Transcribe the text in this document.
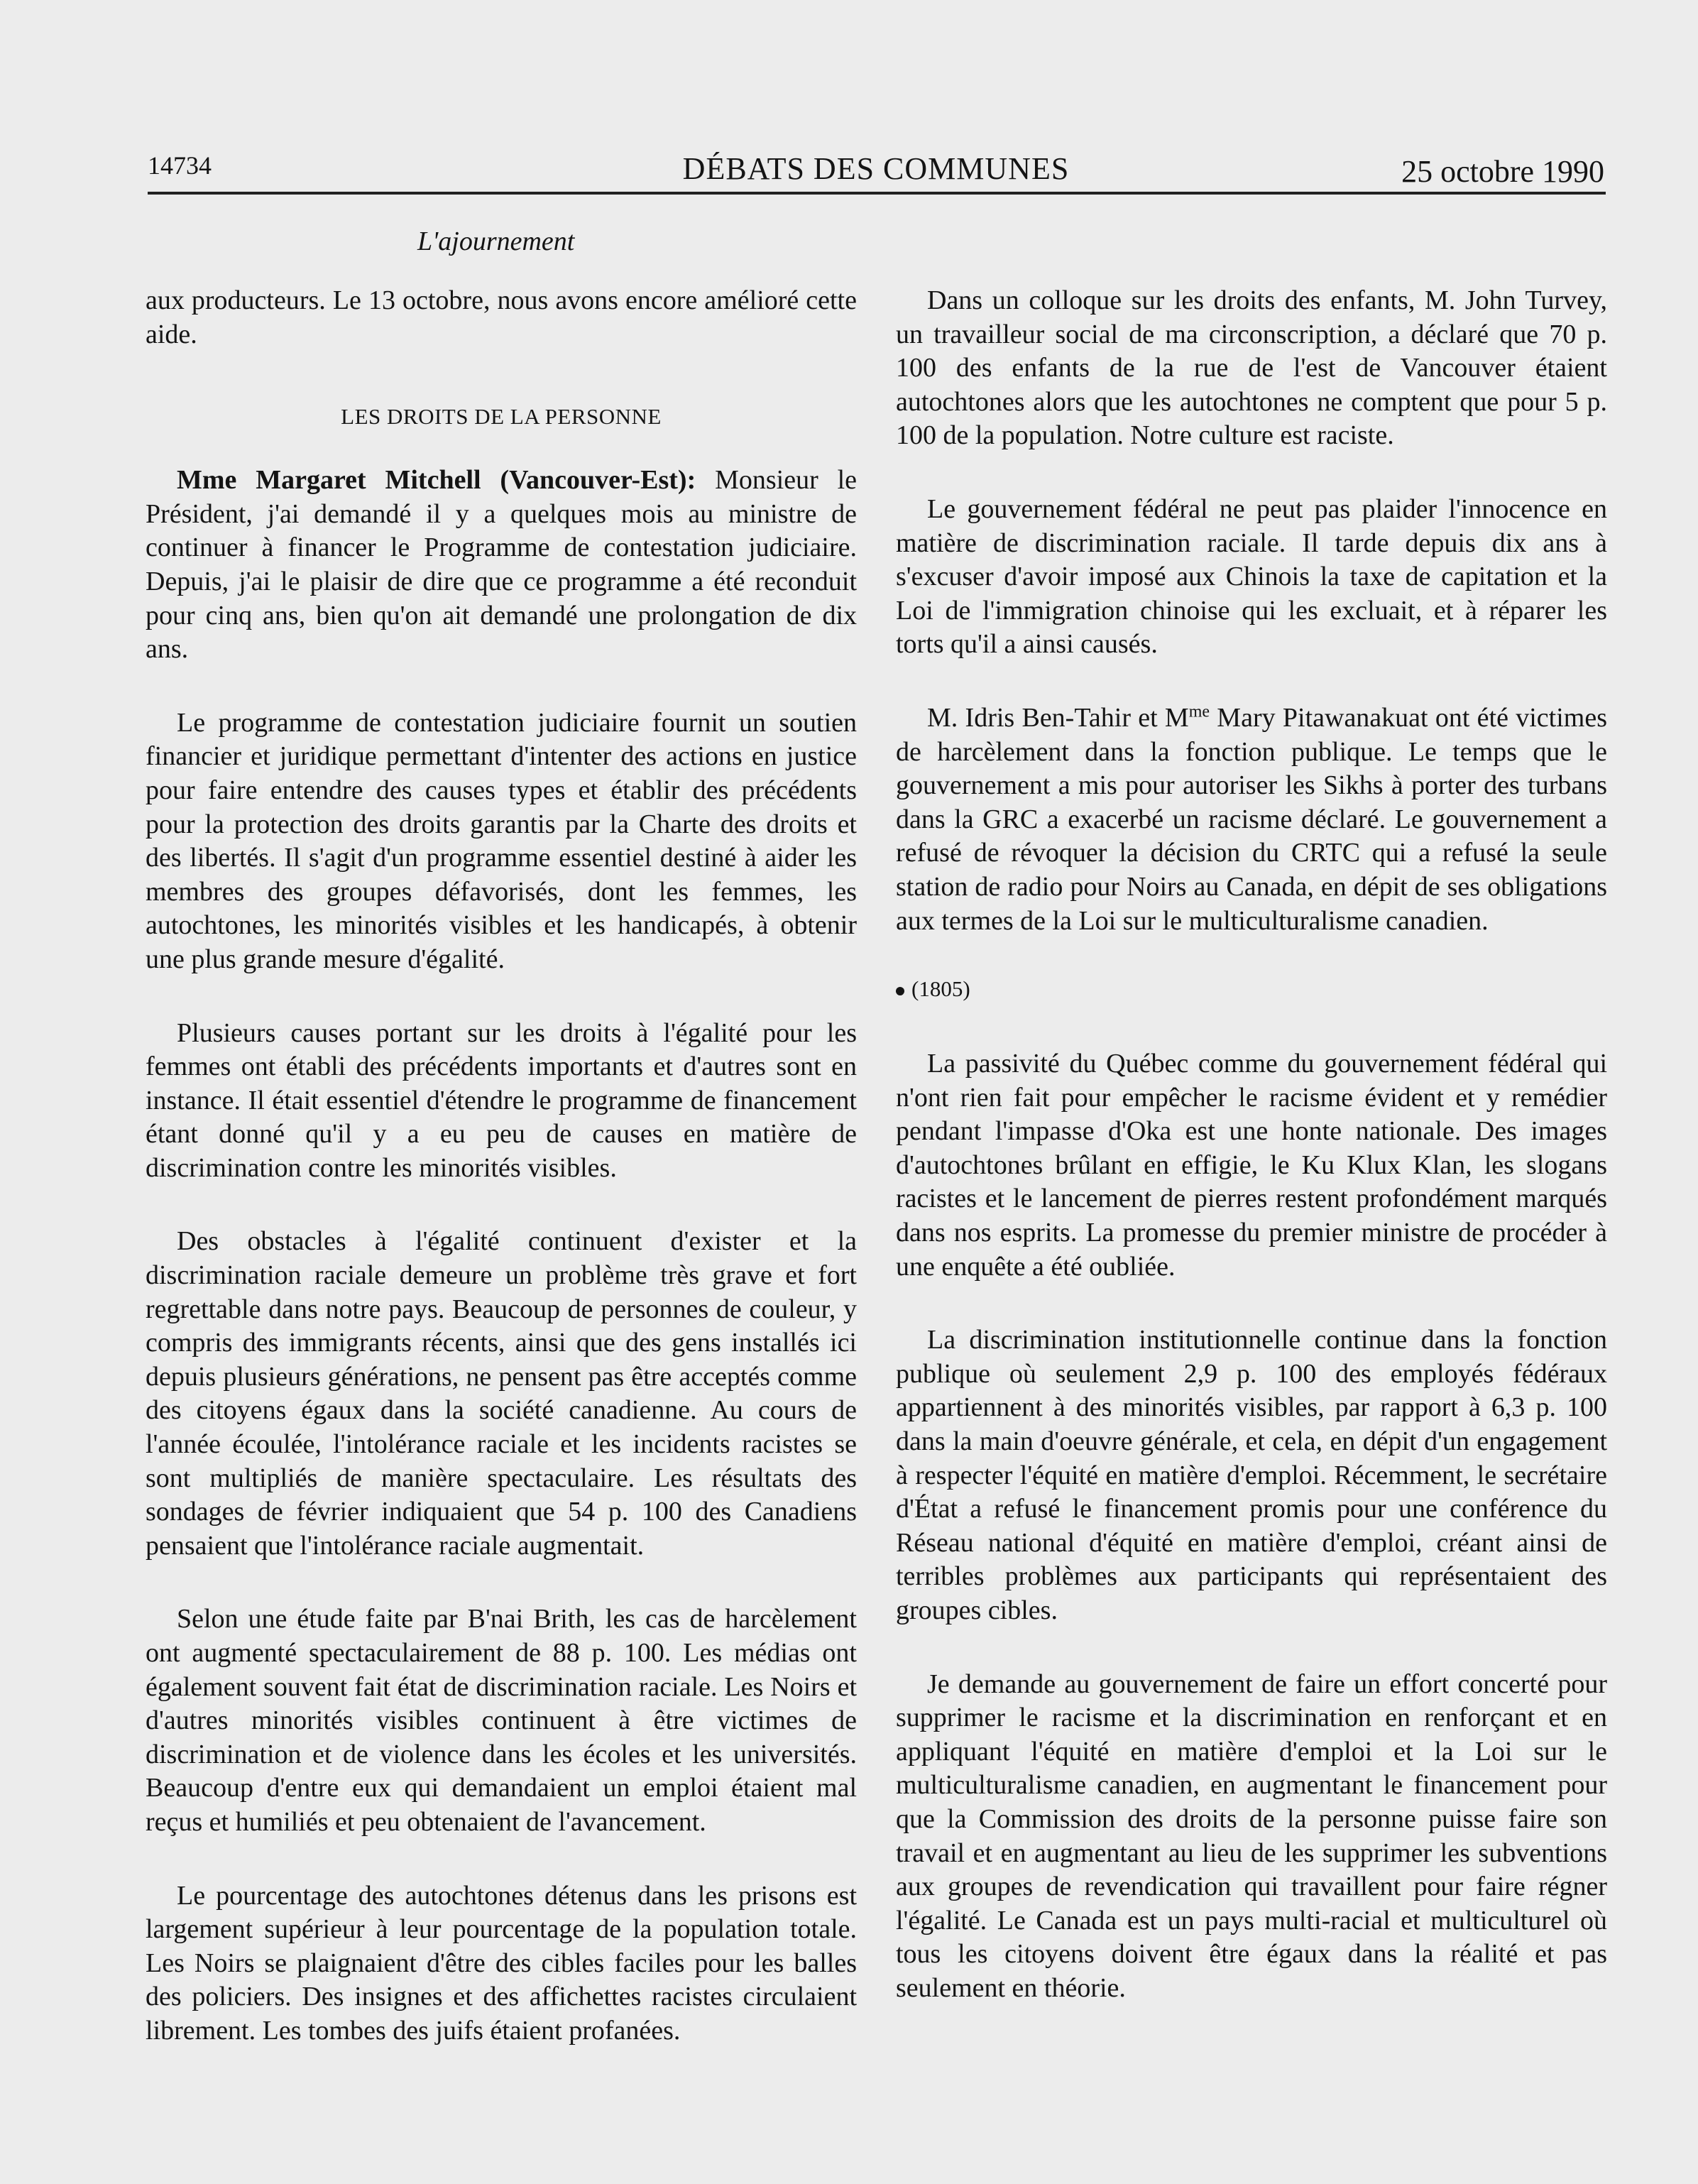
14734	DÉBATS DES COMMUNES	25 octobre 1990
L'ajournement

aux producteurs. Le 13 octobre, nous avons encore amélioré cette aide.

LES DROITS DE LA PERSONNE

Mme Margaret Mitchell (Vancouver-Est): Monsieur le Président, j'ai demandé il y a quelques mois au ministre de continuer à financer le Programme de contestation judiciaire. Depuis, j'ai le plaisir de dire que ce programme a été reconduit pour cinq ans, bien qu'on ait demandé une prolongation de dix ans.

Le programme de contestation judiciaire fournit un soutien financier et juridique permettant d'intenter des actions en justice pour faire entendre des causes types et établir des précédents pour la protection des droits garantis par la Charte des droits et des libertés. Il s'agit d'un programme essentiel destiné à aider les membres des groupes défavorisés, dont les femmes, les autochtones, les minorités visibles et les handicapés, à obtenir une plus grande mesure d'égalité.

Plusieurs causes portant sur les droits à l'égalité pour les femmes ont établi des précédents importants et d'autres sont en instance. Il était essentiel d'étendre le programme de financement étant donné qu'il y a eu peu de causes en matière de discrimination contre les minorités visibles.

Des obstacles à l'égalité continuent d'exister et la discrimination raciale demeure un problème très grave et fort regrettable dans notre pays. Beaucoup de personnes de couleur, y compris des immigrants récents, ainsi que des gens installés ici depuis plusieurs générations, ne pensent pas être acceptés comme des citoyens égaux dans la société canadienne. Au cours de l'année écoulée, l'intolérance raciale et les incidents racistes se sont multipliés de manière spectaculaire. Les résultats des sondages de février indiquaient que 54 p. 100 des Canadiens pensaient que l'intolérance raciale augmentait.

Selon une étude faite par B'nai Brith, les cas de harcèlement ont augmenté spectaculairement de 88 p. 100. Les médias ont également souvent fait état de discrimination raciale. Les Noirs et d'autres minorités visibles continuent à être victimes de discrimination et de violence dans les écoles et les universités. Beaucoup d'entre eux qui demandaient un emploi étaient mal reçus et humiliés et peu obtenaient de l'avancement.

Le pourcentage des autochtones détenus dans les prisons est largement supérieur à leur pourcentage de la population totale. Les Noirs se plaignaient d'être des cibles faciles pour les balles des policiers. Des insignes et des affichettes racistes circulaient librement. Les tombes des juifs étaient profanées.

Dans un colloque sur les droits des enfants, M. John Turvey, un travailleur social de ma circonscription, a déclaré que 70 p. 100 des enfants de la rue de l'est de Vancouver étaient autochtones alors que les autochtones ne comptent que pour 5 p. 100 de la population. Notre culture est raciste.

Le gouvernement fédéral ne peut pas plaider l'innocence en matière de discrimination raciale. Il tarde depuis dix ans à s'excuser d'avoir imposé aux Chinois la taxe de capitation et la Loi de l'immigration chinoise qui les excluait, et à réparer les torts qu'il a ainsi causés.

M. Idris Ben-Tahir et $M^{me}$ Mary Pitawanakuat ont été victimes de harcèlement dans la fonction publique. Le temps que le gouvernement a mis pour autoriser les Sikhs à porter des turbans dans la GRC a exacerbé un racisme déclaré. Le gouvernement a refusé de révoquer la décision du CRTC qui a refusé la seule station de radio pour Noirs au Canada, en dépit de ses obligations aux termes de la Loi sur le multiculturalisme canadien.

(1805)

La passivité du Québec comme du gouvernement fédéral qui n'ont rien fait pour empêcher le racisme évident et y remédier pendant l'impasse d'Oka est une honte nationale. Des images d'autochtones brûlant en effigie, le Ku Klux Klan, les slogans racistes et le lancement de pierres restent profondément marqués dans nos esprits. La promesse du premier ministre de procéder à une enquête a été oubliée.

La discrimination institutionnelle continue dans la fonction publique où seulement 2,9 p. 100 des employés fédéraux appartiennent à des minorités visibles, par rapport à 6,3 p. 100 dans la main d'oeuvre générale, et cela, en dépit d'un engagement à respecter l'équité en matière d'emploi. Récemment, le secrétaire d'État a refusé le financement promis pour une conférence du Réseau national d'équité en matière d'emploi, créant ainsi de terribles problèmes aux participants qui représentaient des groupes cibles.

Je demande au gouvernement de faire un effort concerté pour supprimer le racisme et la discrimination en renforçant et en appliquant l'équité en matière d'emploi et la Loi sur le multiculturalisme canadien, en augmentant le financement pour que la Commission des droits de la personne puisse faire son travail et en augmentant au lieu de les supprimer les subventions aux groupes de revendication qui travaillent pour faire régner l'égalité. Le Canada est un pays multi-racial et multiculturel où tous les citoyens doivent être égaux dans la réalité et pas seulement en théorie.
